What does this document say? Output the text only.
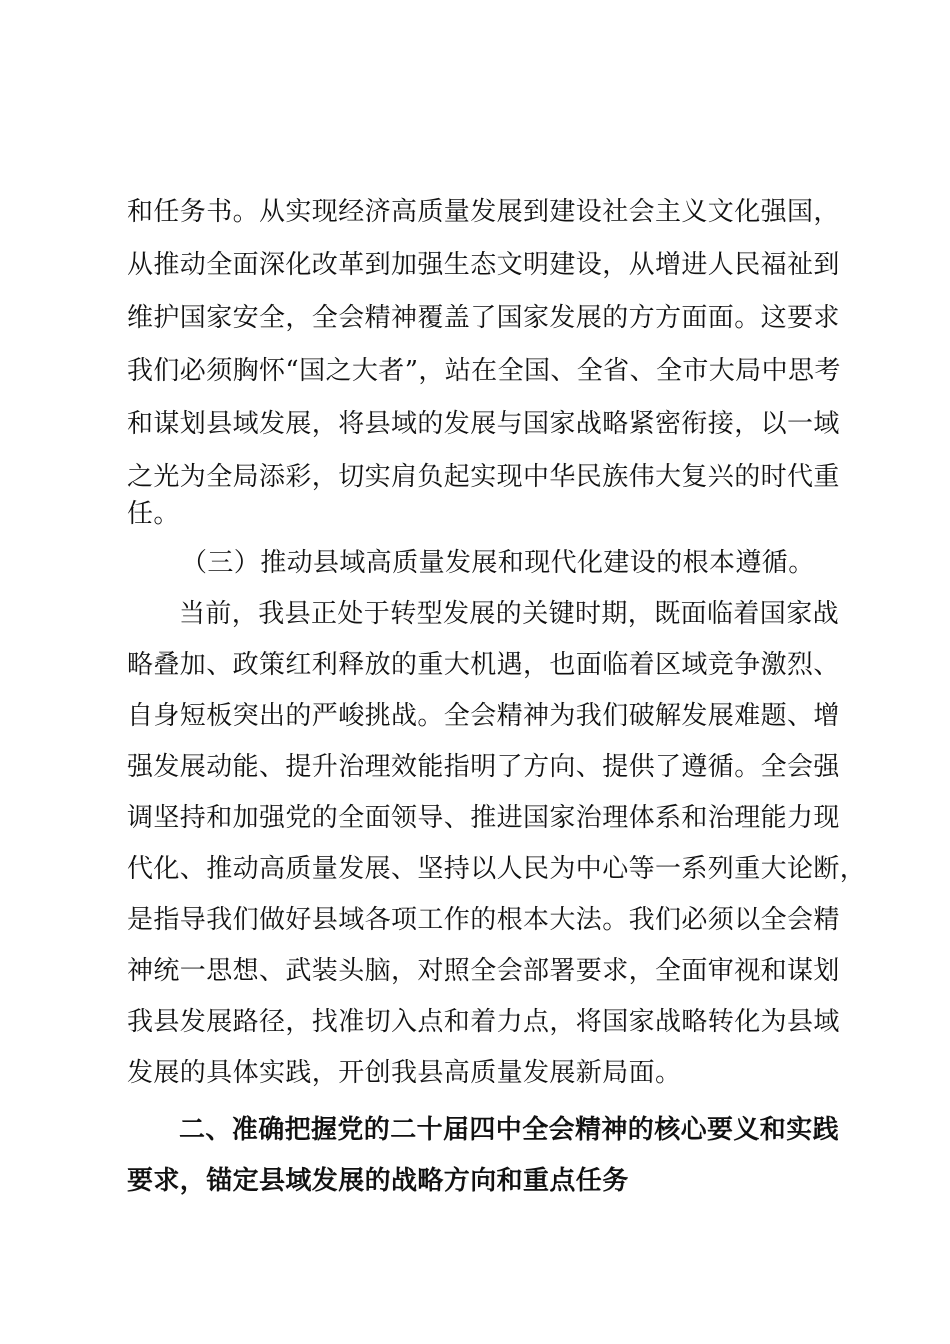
和任务书。从实现经济高质量发展到建设社会主义文化强国，
从推动全面深化改革到加强生态文明建设，从增进人民福祉到
维护国家安全，全会精神覆盖了国家发展的方方面面。这要求
我们必须胸怀“国之大者”，站在全国、全省、全市大局中思考
和谋划县域发展，将县域的发展与国家战略紧密衔接，以一域
之光为全局添彩，切实肩负起实现中华民族伟大复兴的时代重
任。
（三）推动县域高质量发展和现代化建设的根本遵循。
当前，我县正处于转型发展的关键时期，既面临着国家战
略叠加、政策红利释放的重大机遇，也面临着区域竞争激烈、
自身短板突出的严峻挑战。全会精神为我们破解发展难题、增
强发展动能、提升治理效能指明了方向、提供了遵循。全会强
调坚持和加强党的全面领导、推进国家治理体系和治理能力现
代化、推动高质量发展、坚持以人民为中心等一系列重大论断，
是指导我们做好县域各项工作的根本大法。我们必须以全会精
神统一思想、武装头脑，对照全会部署要求，全面审视和谋划
我县发展路径，找准切入点和着力点，将国家战略转化为县域
发展的具体实践，开创我县高质量发展新局面。
二、准确把握党的二十届四中全会精神的核心要义和实践
要求，锚定县域发展的战略方向和重点任务
